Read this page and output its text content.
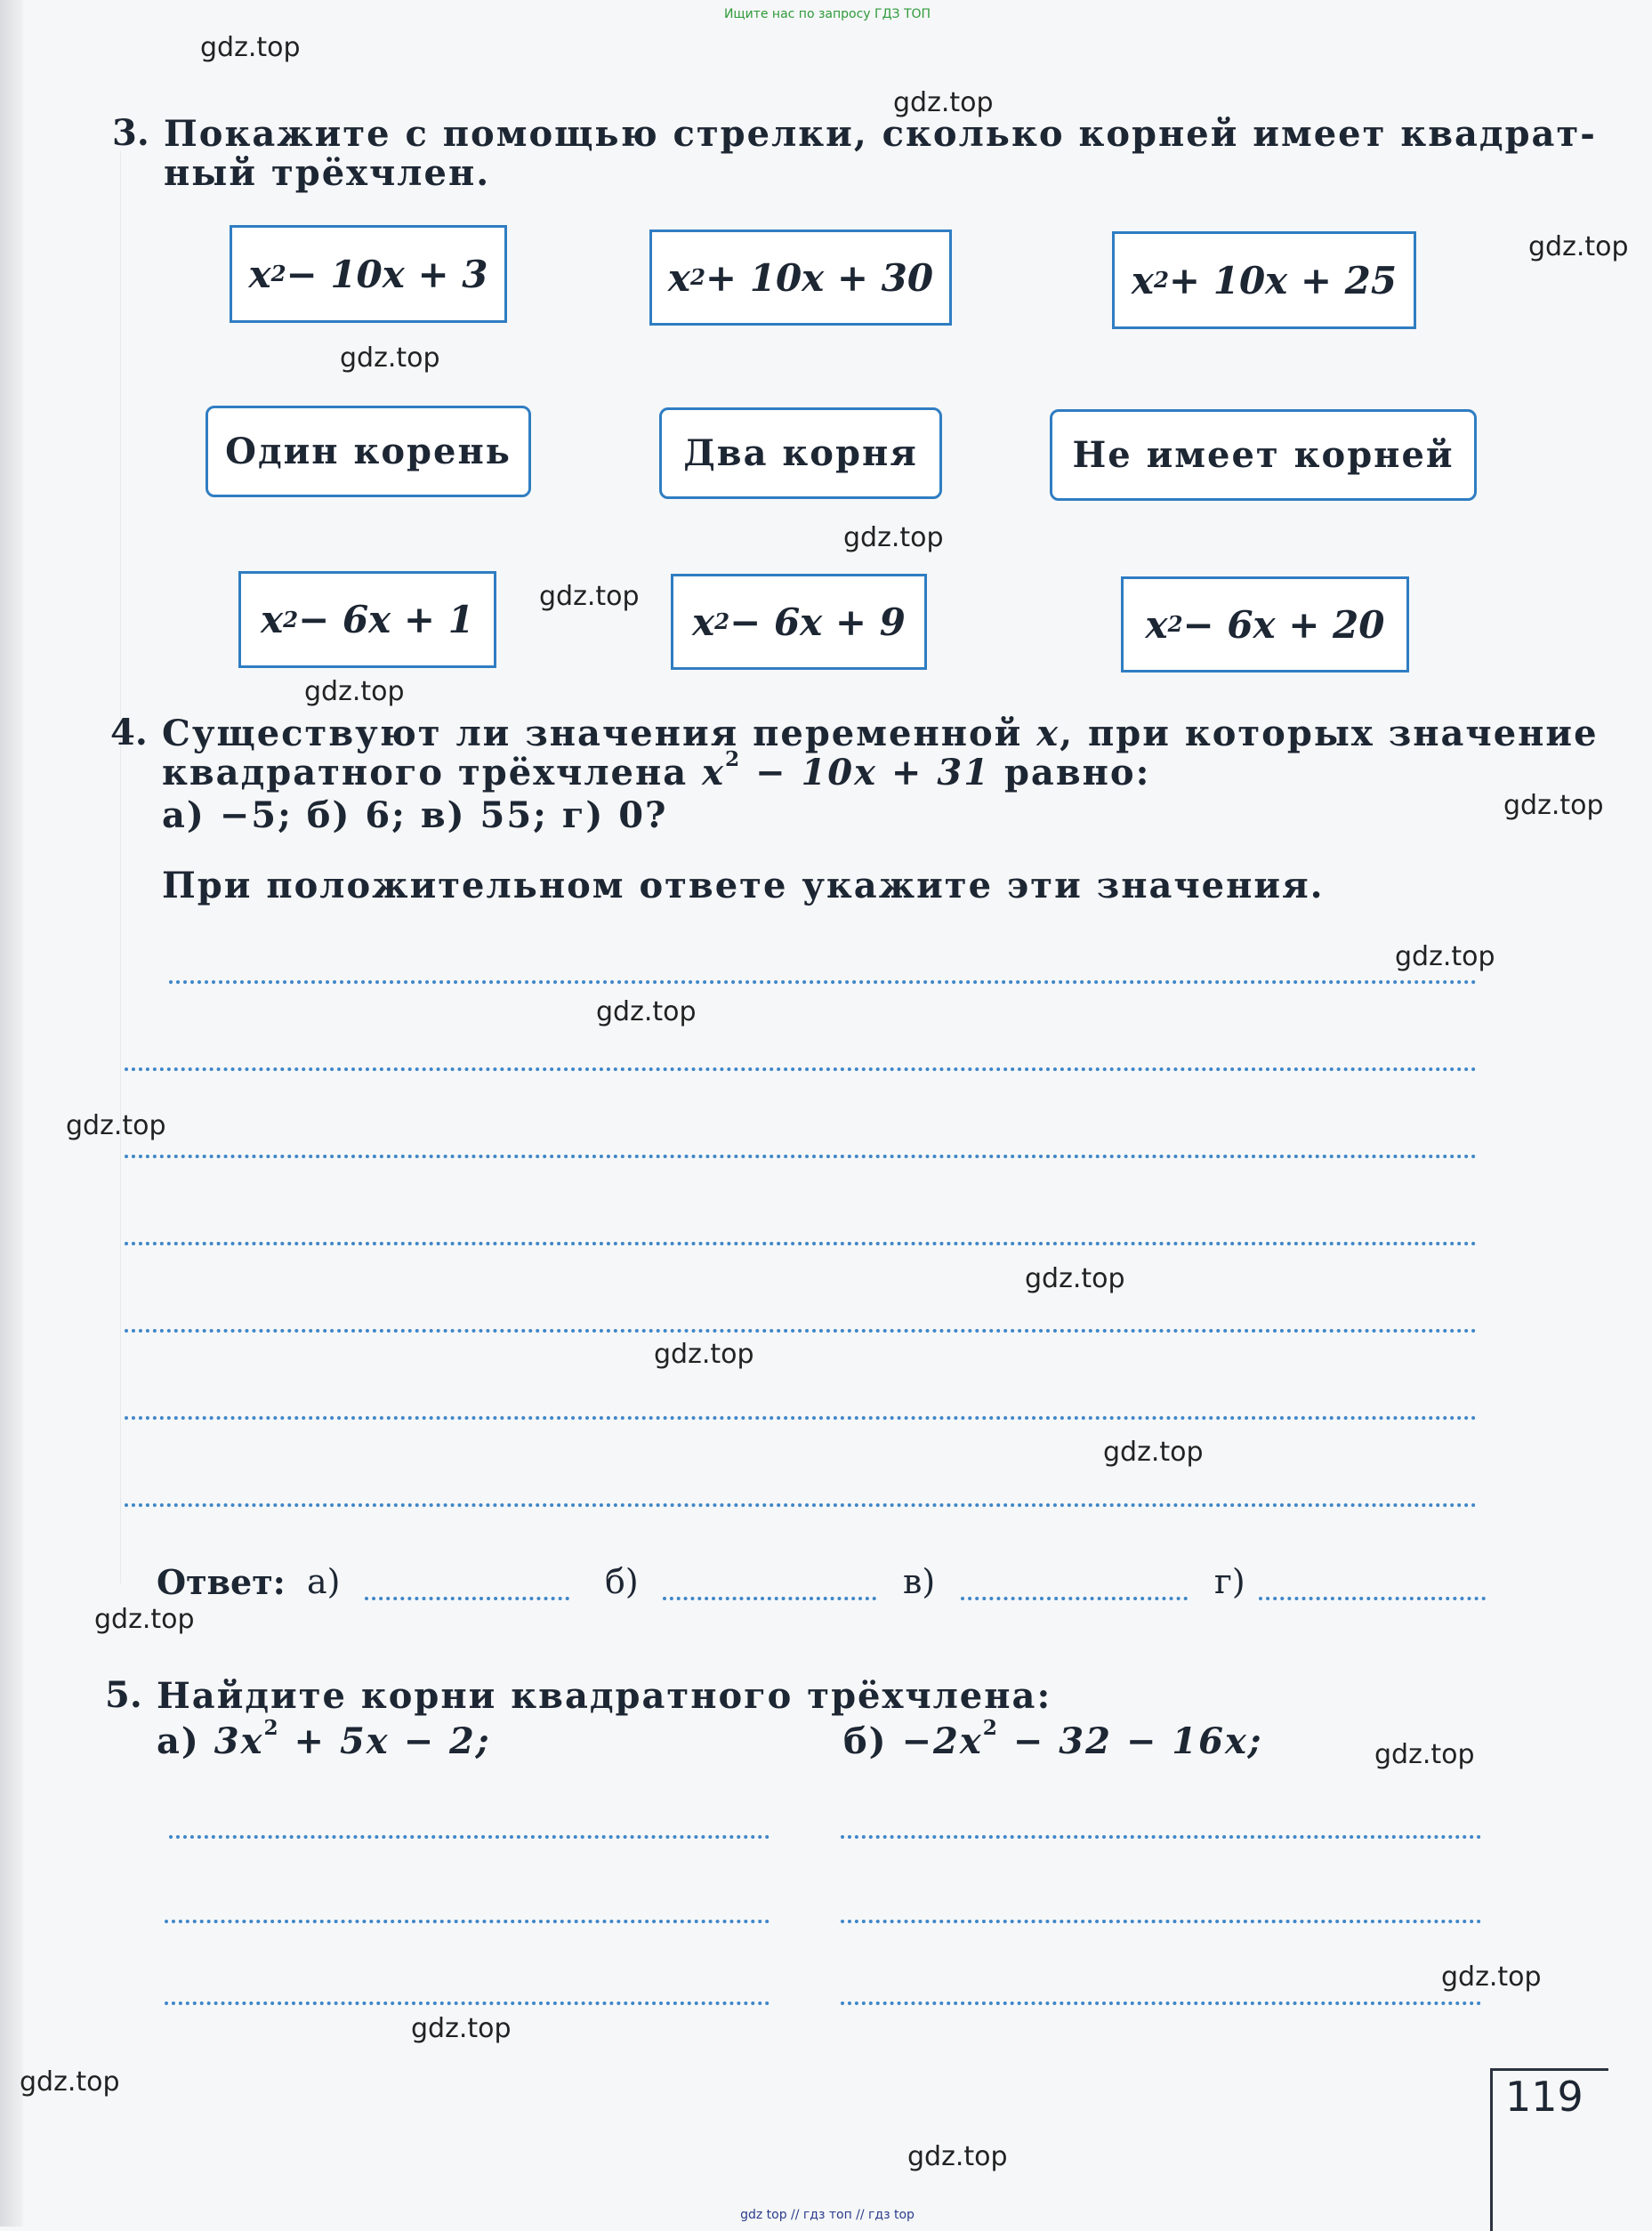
Ищите нас по запросу ГДЗ ТОП
gdz.top
gdz.top
gdz.top
gdz.top
gdz.top
gdz.top
gdz.top
gdz.top
gdz.top
gdz.top
gdz.top
gdz.top
gdz.top
gdz.top
gdz.top
gdz.top
gdz.top
gdz.top
gdz.top
gdz.top
3. Покажите с помощью стрелки, сколько корней имеет квадрат-
ный трёхчлен.
x 2 − 10x + 3	x 2 + 10x + 30	x 2 + 10x + 25
Один корень	Два корня	Не имеет корней
x 2 − 6x + 1	x 2 − 6x + 9	x 2 − 6x + 20
4. Существуют ли значения переменной x, при которых значение
квадратного трёхчлена $x^2 - 10x + 31$ равно:
а) −5; б) 6; в) 55; г) 0?
При положительном ответе укажите эти значения.
Ответ: а)	б)	в)	г)
5. Найдите корни квадратного трёхчлена:
а) $3x^2 + 5x - 2$;	$б) -2x^2 - 32 - 16x$;
119
gdz top // гдз топ // гдз top
